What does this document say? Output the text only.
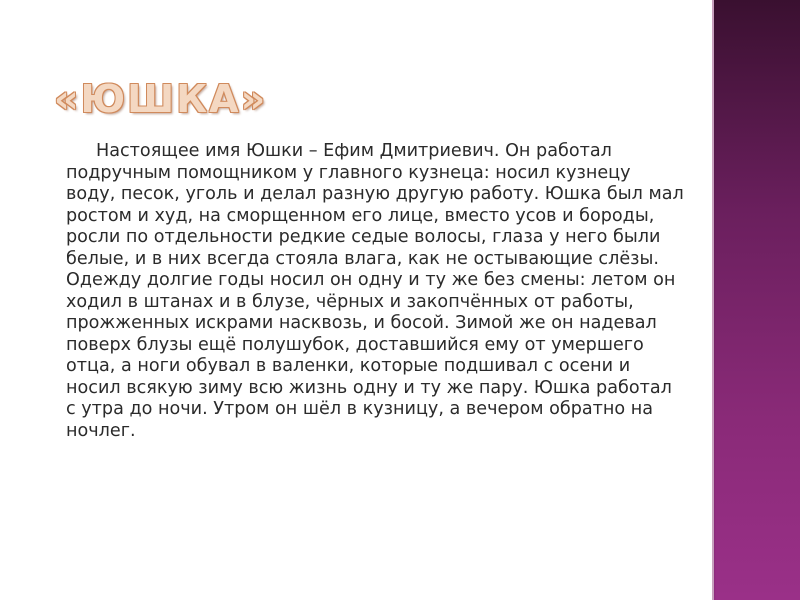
«ЮШКА»

Настоящее имя Юшки – Ефим Дмитриевич. Он работал подручным помощником у главного кузнеца: носил кузнецу воду, песок, уголь и делал разную другую работу. Юшка был мал ростом и худ, на сморщенном его лице, вместо усов и бороды, росли по отдельности редкие седые волосы, глаза у него были белые, и в них всегда стояла влага, как не остывающие слёзы. Одежду долгие годы носил он одну и ту же без смены: летом он ходил в штанах и в блузе, чёрных и закопчённых от работы, прожженных искрами насквозь, и босой. Зимой же он надевал поверх блузы ещё полушубок, доставшийся ему от умершего отца, а ноги обувал в валенки, которые подшивал с осени и носил всякую зиму всю жизнь одну и ту же пару. Юшка работал с утра до ночи. Утром он шёл в кузницу, а вечером обратно на ночлег.
